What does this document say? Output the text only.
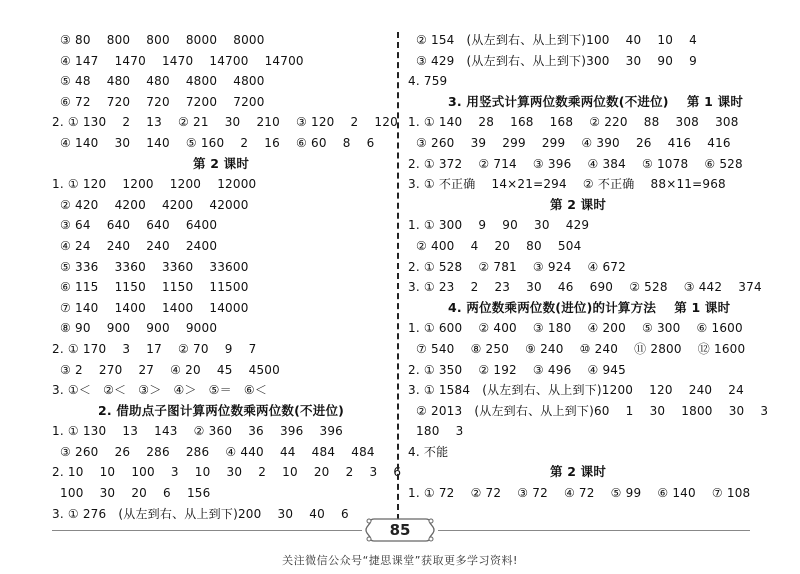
③ 80    800    800    8000    8000
④ 147    1470    1470    14700    14700
⑤ 48    480    480    4800    4800
⑥ 72    720    720    7200    7200
2. ① 130    2    13    ② 21    30    210    ③ 120    2    120
④ 140    30    140    ⑤ 160    2    16    ⑥ 60    8    6
第 2 课时
1. ① 120    1200    1200    12000
② 420    4200    4200    42000
③ 64    640    640    6400
④ 24    240    240    2400
⑤ 336    3360    3360    33600
⑥ 115    1150    1150    11500
⑦ 140    1400    1400    14000
⑧ 90    900    900    9000
2. ① 170    3    17    ② 70    9    7
③ 2    270    27    ④ 20    45    4500
3. ①＜   ②＜   ③＞   ④＞   ⑤＝   ⑥＜
2. 借助点子图计算两位数乘两位数(不进位)
1. ① 130    13    143    ② 360    36    396    396
③ 260    26    286    286    ④ 440    44    484    484
2. 10    10    100    3    10    30    2    10    20    2    3    6
100    30    20    6    156
3. ① 276   (从左到右、从上到下)200    30    40    6
② 154   (从左到右、从上到下)100    40    10    4
③ 429   (从左到右、从上到下)300    30    90    9
4. 759
3. 用竖式计算两位数乘两位数(不进位)    第 1 课时
1. ① 140    28    168    168    ② 220    88    308    308
③ 260    39    299    299    ④ 390    26    416    416
2. ① 372    ② 714    ③ 396    ④ 384    ⑤ 1078    ⑥ 528
3. ① 不正确    14×21=294    ② 不正确    88×11=968
第 2 课时
1. ① 300    9    90    30    429
② 400    4    20    80    504
2. ① 528    ② 781    ③ 924    ④ 672
3. ① 23    2    23    30    46    690    ② 528    ③ 442    374
4. 两位数乘两位数(进位)的计算方法    第 1 课时
1. ① 600    ② 400    ③ 180    ④ 200    ⑤ 300    ⑥ 1600
⑦ 540    ⑧ 250    ⑨ 240    ⑩ 240    ⑪ 2800    ⑫ 1600
2. ① 350    ② 192    ③ 496    ④ 945
3. ① 1584   (从左到右、从上到下)1200    120    240    24
② 2013   (从左到右、从上到下)60    1    30    1800    30    3
180    3
4. 不能
第 2 课时
1. ① 72    ② 72    ③ 72    ④ 72    ⑤ 99    ⑥ 140    ⑦ 108
85
关注微信公众号“捷思课堂”获取更多学习资料!
